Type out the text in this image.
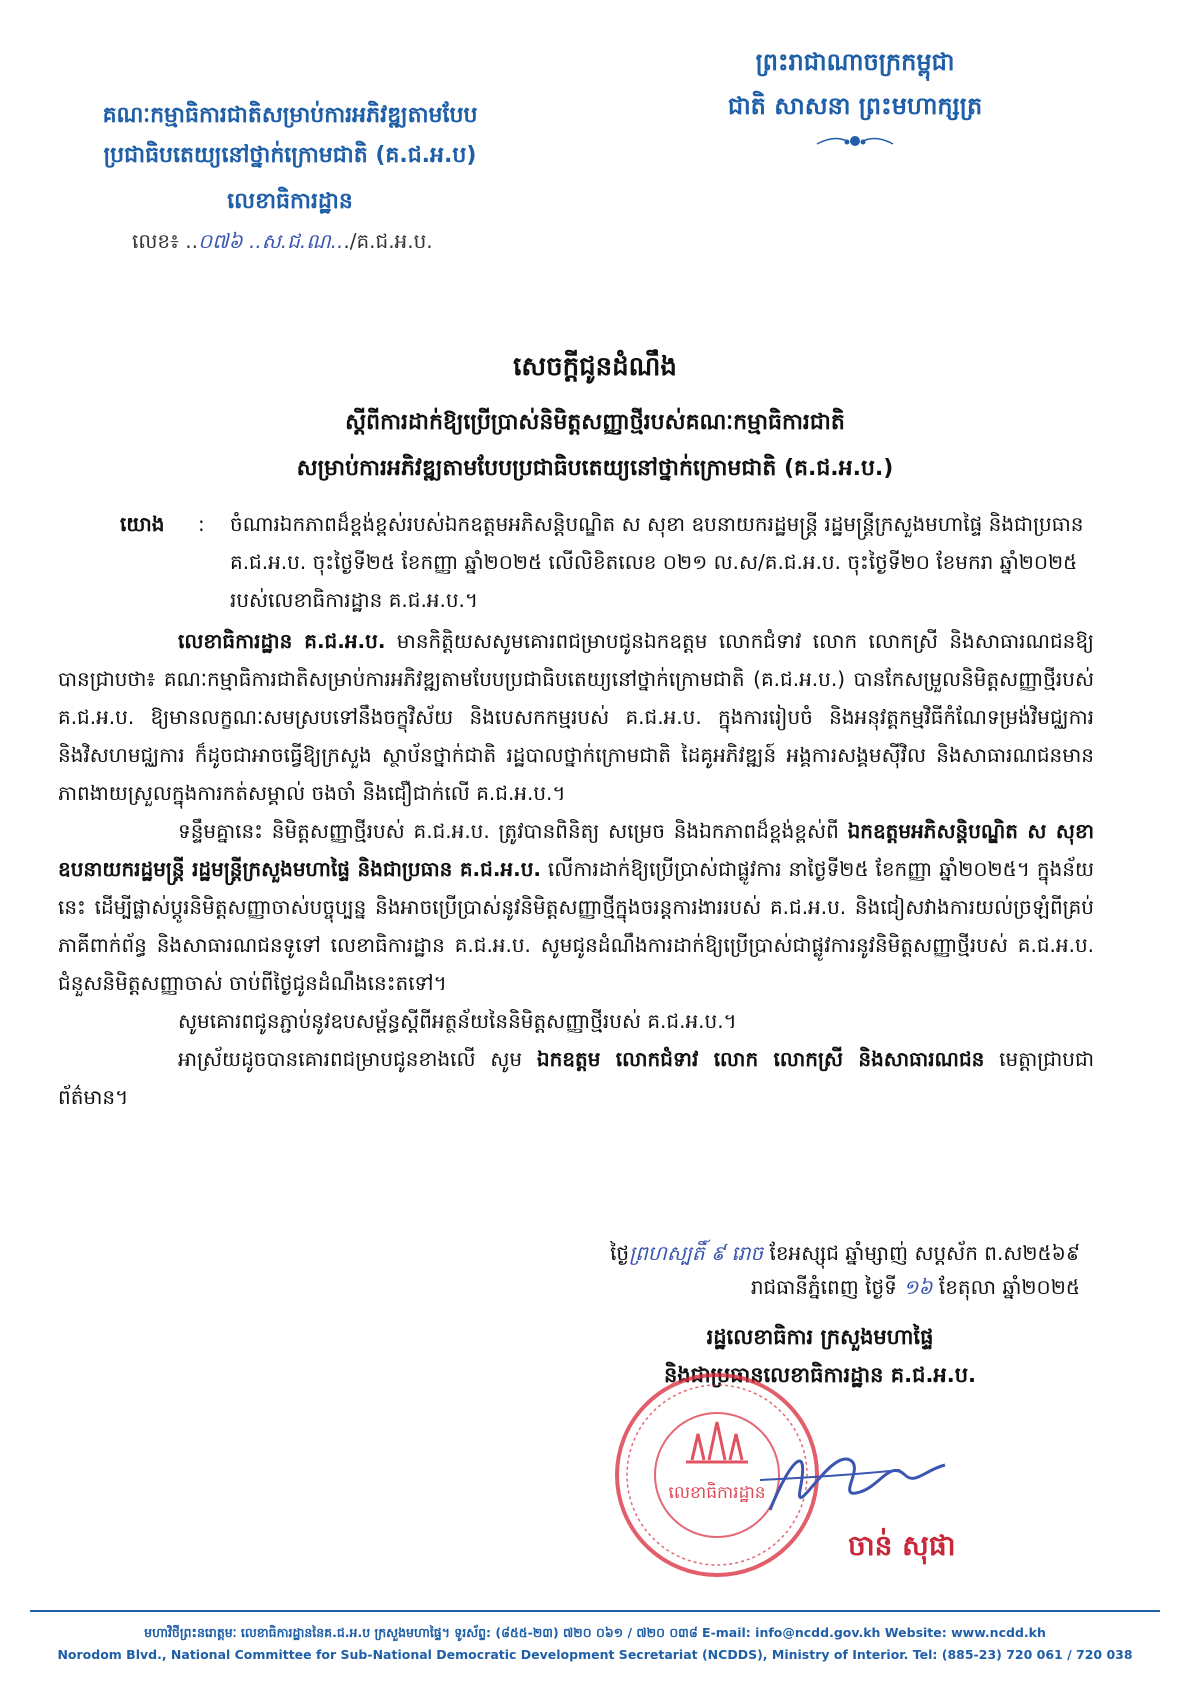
គណៈកម្មាធិការជាតិសម្រាប់ការអភិវឌ្ឍតាមបែប
ប្រជាធិបតេយ្យនៅថ្នាក់ក្រោមជាតិ (គ.ជ.អ.ប)
លេខាធិការដ្ឋាន
លេខ៖ ..០៧៦ ..ស.ជ.ណ.../គ.ជ.អ.ប.
ព្រះរាជាណាចក្រកម្ពុជា
ជាតិ សាសនា ព្រះមហាក្សត្រ
សេចក្តីជូនដំណឹង
ស្តីពីការដាក់ឱ្យប្រើប្រាស់និមិត្តសញ្ញាថ្មីរបស់គណៈកម្មាធិការជាតិ
សម្រាប់ការអភិវឌ្ឍតាមបែបប្រជាធិបតេយ្យនៅថ្នាក់ក្រោមជាតិ (គ.ជ.អ.ប.)
យោង : ចំណារឯកភាពដ៏ខ្ពង់ខ្ពស់របស់ឯកឧត្តមអភិសន្តិបណ្ឌិត ស សុខា ឧបនាយករដ្ឋមន្ត្រី រដ្ឋមន្ត្រីក្រសួងមហាផ្ទៃ និងជាប្រធាន គ.ជ.អ.ប. ចុះថ្ងៃទី២៥ ខែកញ្ញា ឆ្នាំ២០២៥ លើលិខិតលេខ ០២១ ល.ស/គ.ជ.អ.ប. ចុះថ្ងៃទី២០ ខែមករា ឆ្នាំ២០២៥ របស់លេខាធិការដ្ឋាន គ.ជ.អ.ប.។

លេខាធិការដ្ឋាន គ.ជ.អ.ប. មានកិត្តិយសសូមគោរពជម្រាបជូនឯកឧត្តម លោកជំទាវ លោក លោកស្រី និងសាធារណជនឱ្យបានជ្រាបថា៖ គណៈកម្មាធិការជាតិសម្រាប់ការអភិវឌ្ឍតាមបែបប្រជាធិបតេយ្យនៅថ្នាក់ក្រោមជាតិ (គ.ជ.អ.ប.) បានកែសម្រួលនិមិត្តសញ្ញាថ្មីរបស់ គ.ជ.អ.ប. ឱ្យមានលក្ខណៈសមស្របទៅនឹងចក្ខុវិស័យ និងបេសកកម្មរបស់ គ.ជ.អ.ប. ក្នុងការរៀបចំ និងអនុវត្តកម្មវិធីកំណែទម្រង់វិមជ្ឈការ និងវិសហមជ្ឈការ ក៏ដូចជាអាចធ្វើឱ្យក្រសួង ស្ថាប័នថ្នាក់ជាតិ រដ្ឋបាលថ្នាក់ក្រោមជាតិ ដៃគូអភិវឌ្ឍន៍ អង្គការសង្គមស៊ីវិល និងសាធារណជនមានភាពងាយស្រួលក្នុងការកត់សម្គាល់ ចងចាំ និងជឿជាក់លើ គ.ជ.អ.ប.។

ទន្ទឹមគ្នានេះ និមិត្តសញ្ញាថ្មីរបស់ គ.ជ.អ.ប. ត្រូវបានពិនិត្យ សម្រេច និងឯកភាពដ៏ខ្ពង់ខ្ពស់ពី ឯកឧត្តមអភិសន្តិបណ្ឌិត ស សុខា ឧបនាយករដ្ឋមន្ត្រី រដ្ឋមន្ត្រីក្រសួងមហាផ្ទៃ និងជាប្រធាន គ.ជ.អ.ប. លើការដាក់ឱ្យប្រើប្រាស់ជាផ្លូវការ នាថ្ងៃទី២៥ ខែកញ្ញា ឆ្នាំ២០២៥។ ក្នុងន័យនេះ ដើម្បីផ្លាស់ប្តូរនិមិត្តសញ្ញាចាស់បច្ចុប្បន្ន និងអាចប្រើប្រាស់នូវនិមិត្តសញ្ញាថ្មីក្នុងចរន្តការងាររបស់ គ.ជ.អ.ប. និងជៀសវាងការយល់ច្រឡំពីគ្រប់ភាគីពាក់ព័ន្ធ និងសាធារណជនទូទៅ លេខាធិការដ្ឋាន គ.ជ.អ.ប. សូមជូនដំណឹងការដាក់ឱ្យប្រើប្រាស់ជាផ្លូវការនូវនិមិត្តសញ្ញាថ្មីរបស់ គ.ជ.អ.ប. ជំនួសនិមិត្តសញ្ញាចាស់ ចាប់ពីថ្ងៃជូនដំណឹងនេះតទៅ។

សូមគោរពជូនភ្ជាប់នូវឧបសម្ព័ន្ធស្តីពីអត្ថន័យនៃនិមិត្តសញ្ញាថ្មីរបស់ គ.ជ.អ.ប.។

អាស្រ័យដូចបានគោរពជម្រាបជូនខាងលើ សូម ឯកឧត្តម លោកជំទាវ លោក លោកស្រី និងសាធារណជន មេត្តាជ្រាបជាព័ត៌មាន។

ថ្ងៃព្រហស្បតិ៍ ៩ រោច ខែអស្សុជ ឆ្នាំម្សាញ់ សប្តស័ក ព.ស២៥៦៩
រាជធានីភ្នំពេញ ថ្ងៃទី ១៦ ខែតុលា ឆ្នាំ២០២៥
រដ្ឋលេខាធិការ ក្រសួងមហាផ្ទៃ
និងជាប្រធានលេខាធិការដ្ឋាន គ.ជ.អ.ប.
លេខាធិការដ្ឋាន
ចាន់ សុផា
មហាវិថីព្រះនរោត្តមៈ លេខាធិការដ្ឋាននៃគ.ជ.អ.ប ក្រសួងមហាផ្ទៃ។ ទូរស័ព្ទ: (៨៥៥-២៣) ៧២០ ០៦១ / ៧២០ ០៣៨ E-mail: info@ncdd.gov.kh Website: www.ncdd.kh
Norodom Blvd., National Committee for Sub-National Democratic Development Secretariat (NCDDS), Ministry of Interior. Tel: (885-23) 720 061 / 720 038
